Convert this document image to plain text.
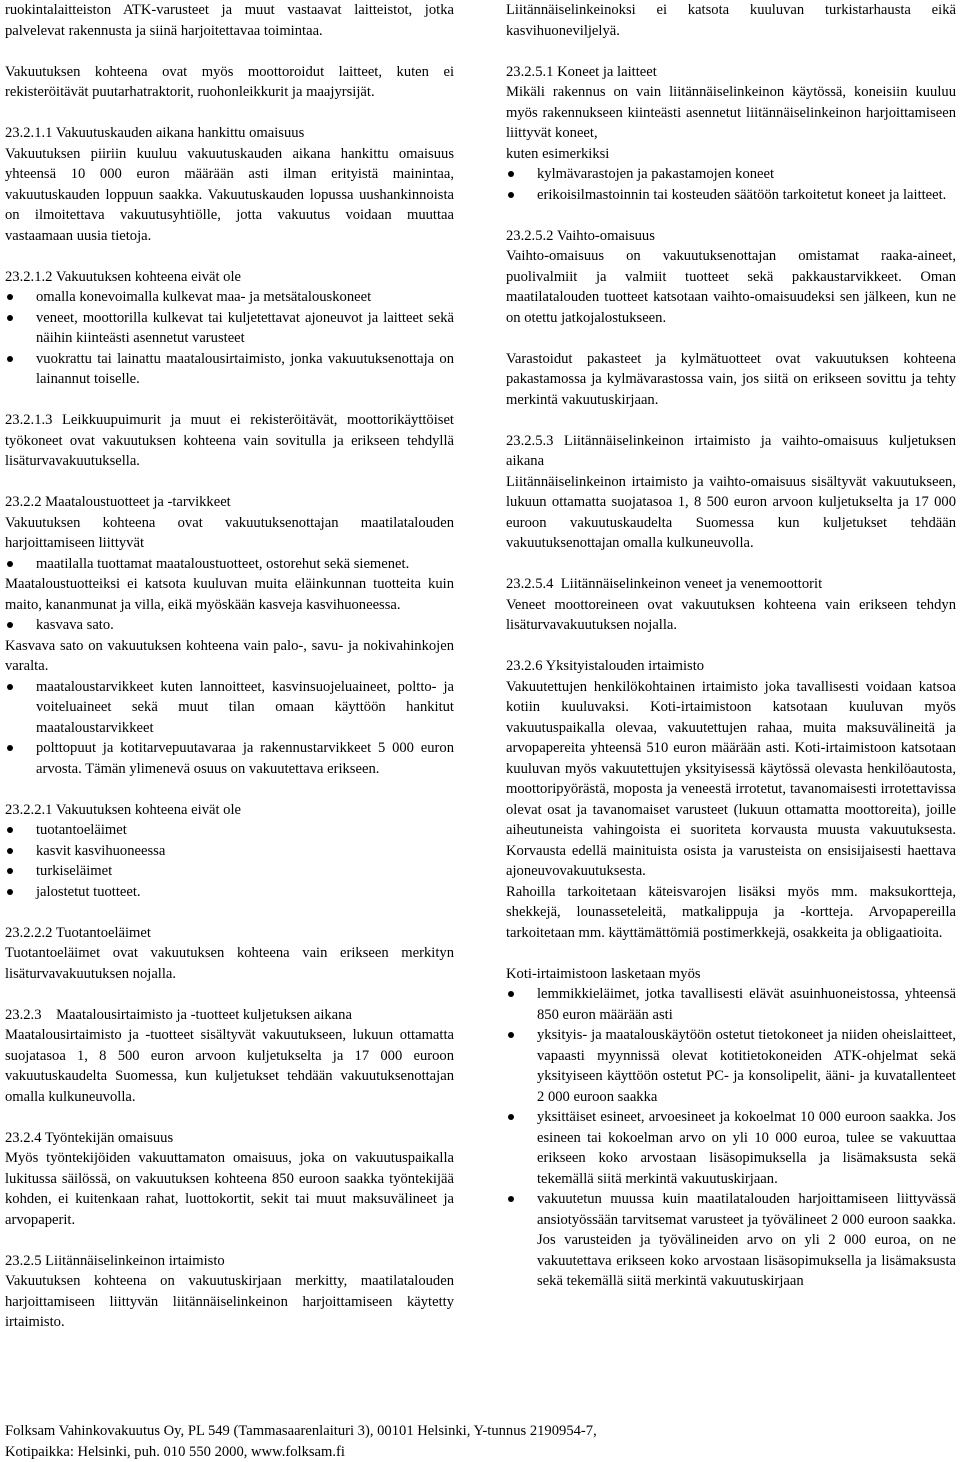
ruokintalaitteiston ATK-varusteet ja muut vastaavat laitteistot, jotka palvelevat rakennusta ja siinä harjoitettavaa toimintaa.

Vakuutuksen kohteena ovat myös moottoroidut laitteet, kuten ei rekisteröitävät puutarhatraktorit, ruohonleikkurit ja maajyrsijät.

23.2.1.1 Vakuutuskauden aikana hankittu omaisuus

Vakuutuksen piiriin kuuluu vakuutuskauden aikana hankittu omaisuus yhteensä 10 000 euron määrään asti ilman erityistä mainintaa, vakuutuskauden loppuun saakka. Vakuutuskauden lopussa uushankinnoista on ilmoitettava vakuutusyhtiölle, jotta vakuutus voidaan muuttaa vastaamaan uusia tietoja.

23.2.1.2 Vakuutuksen kohteena eivät ole

omalla konevoimalla kulkevat maa- ja metsätalouskoneet
veneet, moottorilla kulkevat tai kuljetettavat ajoneuvot ja laitteet sekä näihin kiinteästi asennetut varusteet
vuokrattu tai lainattu maatalousirtaimisto, jonka vakuutuksenottaja on lainannut toiselle.

23.2.1.3 Leikkuupuimurit ja muut ei rekisteröitävät, moottorikäyttöiset työkoneet ovat vakuutuksen kohteena vain sovitulla ja erikseen tehdyllä lisäturvavakuutuksella.

23.2.2 Maataloustuotteet ja -tarvikkeet

Vakuutuksen kohteena ovat vakuutuksenottajan maatilatalouden harjoittamiseen liittyvät

maatilalla tuottamat maataloustuotteet, ostorehut sekä siemenet.

Maataloustuotteiksi ei katsota kuuluvan muita eläinkunnan tuotteita kuin maito, kananmunat ja villa, eikä myöskään kasveja kasvihuoneessa.

kasvava sato.

Kasvava sato on vakuutuksen kohteena vain palo-, savu- ja nokivahinkojen varalta.

maataloustarvikkeet kuten lannoitteet, kasvinsuojeluaineet, poltto- ja voiteluaineet sekä muut tilan omaan käyttöön hankitut maataloustarvikkeet
polttopuut ja kotitarvepuutavaraa ja rakennustarvikkeet 5 000 euron arvosta. Tämän ylimenevä osuus on vakuutettava erikseen.

23.2.2.1 Vakuutuksen kohteena eivät ole

tuotantoeläimet
kasvit kasvihuoneessa
turkiseläimet
jalostetut tuotteet.

23.2.2.2 Tuotantoeläimet

Tuotantoeläimet ovat vakuutuksen kohteena vain erikseen merkityn lisäturvavakuutuksen nojalla.

23.2.3    Maatalousirtaimisto ja -tuotteet kuljetuksen aikana

Maatalousirtaimisto ja -tuotteet sisältyvät vakuutukseen, lukuun ottamatta suojatasoa 1, 8 500 euron arvoon kuljetukselta ja 17 000 euroon vakuutuskaudelta Suomessa, kun kuljetukset tehdään vakuutuksenottajan omalla kulkuneuvolla.

23.2.4 Työntekijän omaisuus

Myös työntekijöiden vakuuttamaton omaisuus, joka on vakuutuspaikalla lukitussa säilössä, on vakuutuksen kohteena 850 euroon saakka työntekijää kohden, ei kuitenkaan rahat, luottokortit, sekit tai muut maksuvälineet ja arvopaperit.

23.2.5 Liitännäiselinkeinon irtaimisto

Vakuutuksen kohteena on vakuutuskirjaan merkitty, maatilatalouden harjoittamiseen liittyvän liitännäiselinkeinon harjoittamiseen käytetty irtaimisto.

Liitännäiselinkeinoksi ei katsota kuuluvan turkistarhausta eikä kasvihuoneviljelyä.

23.2.5.1 Koneet ja laitteet

Mikäli rakennus on vain liitännäiselinkeinon käytössä, koneisiin kuuluu myös rakennukseen kiinteästi asennetut liitännäiselinkeinon harjoittamiseen liittyvät koneet,

kuten esimerkiksi

kylmävarastojen ja pakastamojen koneet
erikoisilmastoinnin tai kosteuden säätöön tarkoitetut koneet ja laitteet.

23.2.5.2 Vaihto-omaisuus

Vaihto-omaisuus on vakuutuksenottajan omistamat raaka-aineet, puolivalmiit ja valmiit tuotteet sekä pakkaustarvikkeet. Oman maatilatalouden tuotteet katsotaan vaihto-omaisuudeksi sen jälkeen, kun ne on otettu jatkojalostukseen.

Varastoidut pakasteet ja kylmätuotteet ovat vakuutuksen kohteena pakastamossa ja kylmävarastossa vain, jos siitä on erikseen sovittu ja tehty merkintä vakuutuskirjaan.

23.2.5.3 Liitännäiselinkeinon irtaimisto ja vaihto-omaisuus kuljetuksen aikana

Liitännäiselinkeinon irtaimisto ja vaihto-omaisuus sisältyvät vakuutukseen, lukuun ottamatta suojatasoa 1, 8 500 euron arvoon kuljetukselta ja 17 000 euroon vakuutuskaudelta Suomessa kun kuljetukset tehdään vakuutuksenottajan omalla kulkuneuvolla.

23.2.5.4  Liitännäiselinkeinon veneet ja venemoottorit

Veneet moottoreineen ovat vakuutuksen kohteena vain erikseen tehdyn lisäturvavakuutuksen nojalla.

23.2.6 Yksityistalouden irtaimisto

Vakuutettujen henkilökohtainen irtaimisto joka tavallisesti voidaan katsoa kotiin kuuluvaksi. Koti-irtaimistoon katsotaan kuuluvan myös vakuutuspaikalla olevaa, vakuutettujen rahaa, muita maksuvälineitä ja arvopapereita yhteensä 510 euron määrään asti. Koti-irtaimistoon katsotaan kuuluvan myös vakuutettujen yksityisessä käytössä olevasta henkilöautosta, moottoripyörästä, moposta ja veneestä irrotetut, tavanomaisesti irrotettavissa olevat osat ja tavanomaiset varusteet (lukuun ottamatta moottoreita), joille aiheutuneista vahingoista ei suoriteta korvausta muusta vakuutuksesta. Korvausta edellä mainituista osista ja varusteista on ensisijaisesti haettava ajoneuvovakuutuksesta.

Rahoilla tarkoitetaan käteisvarojen lisäksi myös mm. maksukortteja, shekkejä, lounasseteleitä, matkalippuja ja -kortteja. Arvopapereilla tarkoitetaan mm. käyttämättömiä postimerkkejä, osakkeita ja obligaatioita.

Koti-irtaimistoon lasketaan myös

lemmikkieläimet, jotka tavallisesti elävät asuinhuoneistossa, yhteensä 850 euron määrään asti
yksityis- ja maatalouskäytöön ostetut tietokoneet ja niiden oheislaitteet, vapaasti myynnissä olevat kotitietokoneiden ATK-ohjelmat sekä yksityiseen käyttöön ostetut PC- ja konsolipelit, ääni- ja kuvatallenteet 2 000 euroon saakka
yksittäiset esineet, arvoesineet ja kokoelmat 10 000 euroon saakka. Jos esineen tai kokoelman arvo on yli 10 000 euroa, tulee se vakuuttaa erikseen koko arvostaan lisäsopimuksella ja lisämaksusta sekä tekemällä siitä merkintä vakuutuskirjaan.
vakuutetun muussa kuin maatilatalouden harjoittamiseen liittyvässä ansiotyössään tarvitsemat varusteet ja työvälineet 2 000 euroon saakka. Jos varusteiden ja työvälineiden arvo on yli 2 000 euroa, on ne vakuutettava erikseen koko arvostaan lisäsopimuksella ja lisämaksusta sekä tekemällä siitä merkintä vakuutuskirjaan

Folksam Vahinkovakuutus Oy, PL 549 (Tammasaarenlaituri 3), 00101 Helsinki, Y-tunnus 2190954-7,

Kotipaikka: Helsinki, puh. 010 550 2000, www.folksam.fi
